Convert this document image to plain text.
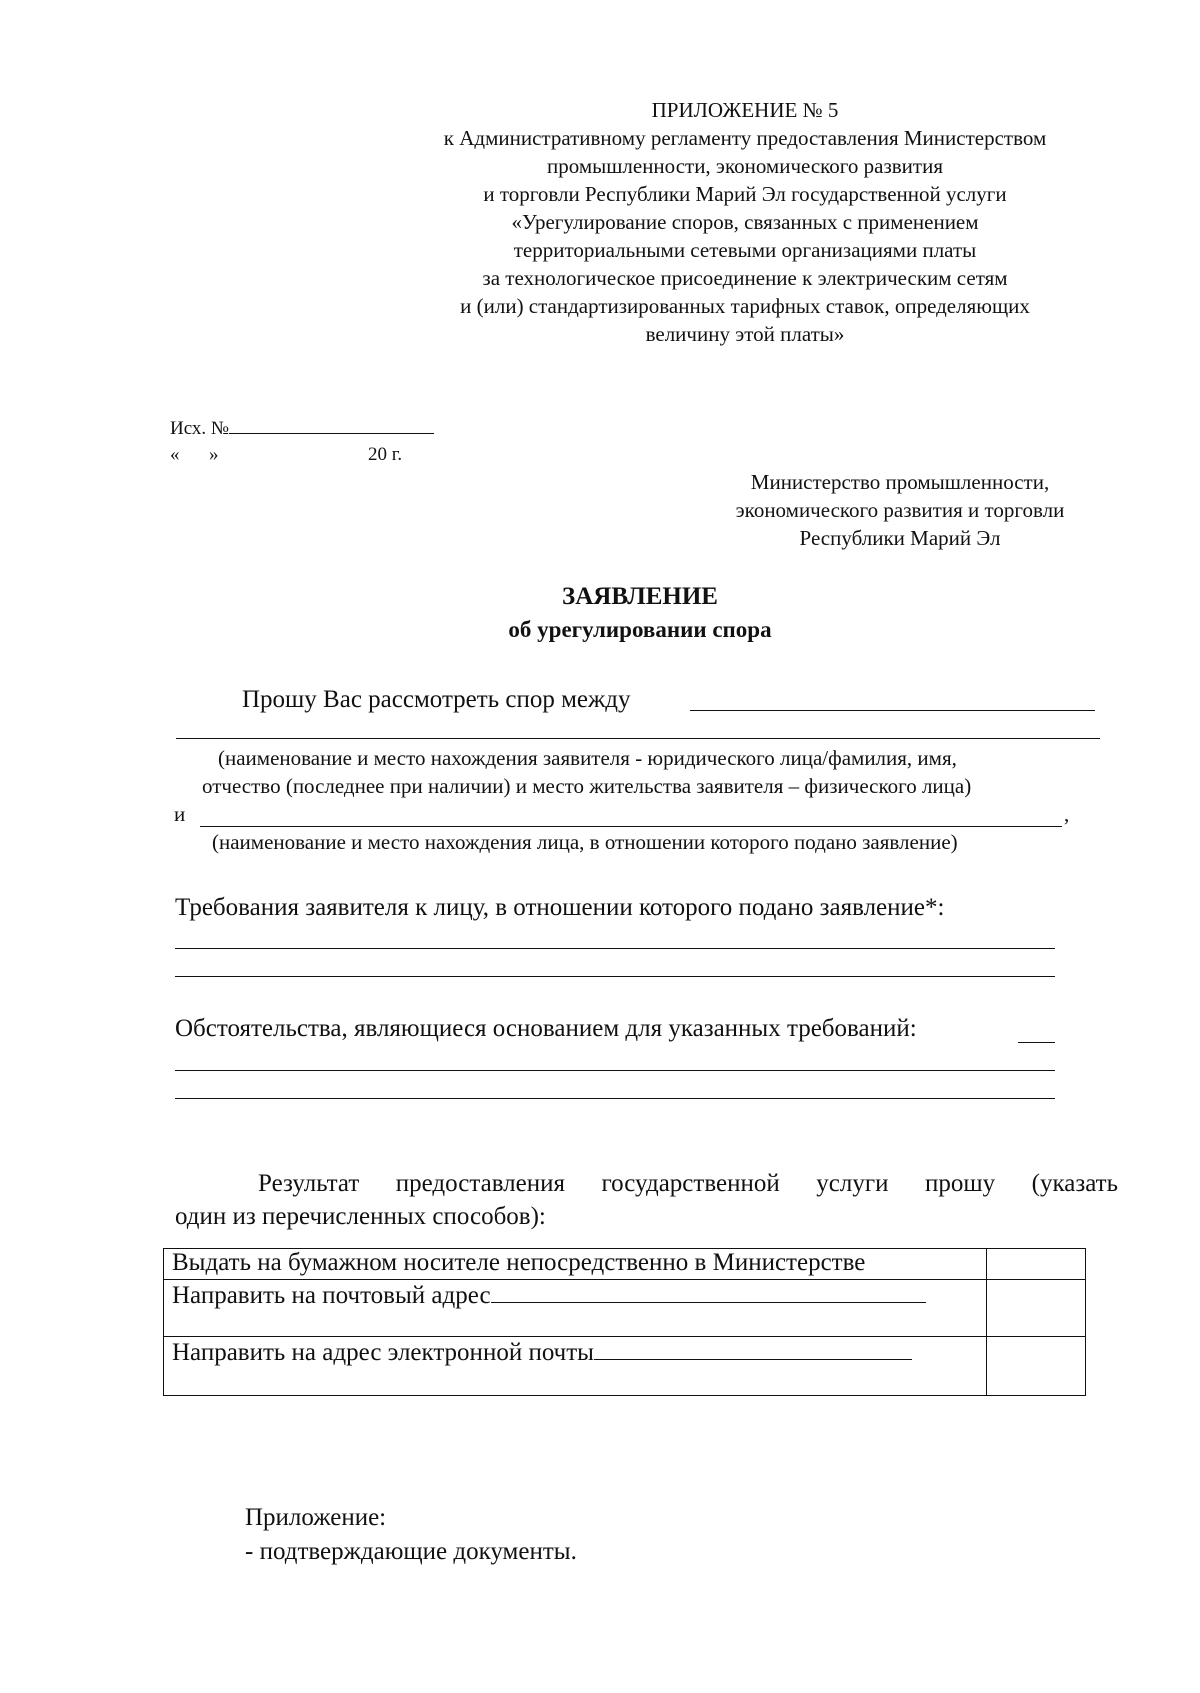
ПРИЛОЖЕНИЕ № 5
к Административному регламенту предоставления Министерством
промышленности, экономического развития
и торговли Республики Марий Эл государственной услуги
«Урегулирование споров, связанных с применением
территориальными сетевыми организациями платы
за технологическое присоединение к электрическим сетям
и (или) стандартизированных тарифных ставок, определяющих
величину этой платы»
Исх. №
« »	20 г.
Министерство промышленности,
экономического развития и торговли
Республики Марий Эл
ЗАЯВЛЕНИЕ
об урегулировании спора
Прошу Вас рассмотреть спор между
(наименование и место нахождения заявителя - юридического лица/фамилия, имя,
отчество (последнее при наличии) и место жительства заявителя – физического лица)
и	,
(наименование и место нахождения лица, в отношении которого подано заявление)
Требования заявителя к лицу, в отношении которого подано заявление*:
Обстоятельства, являющиеся основанием для указанных требований:
Результат предоставления государственной услуги прошу (указать
один из перечисленных способов):
Выдать на бумажном носителе непосредственно в Министерстве	
Направить на почтовый адрес	
Направить на адрес электронной почты	
Приложение:
- подтверждающие документы.
